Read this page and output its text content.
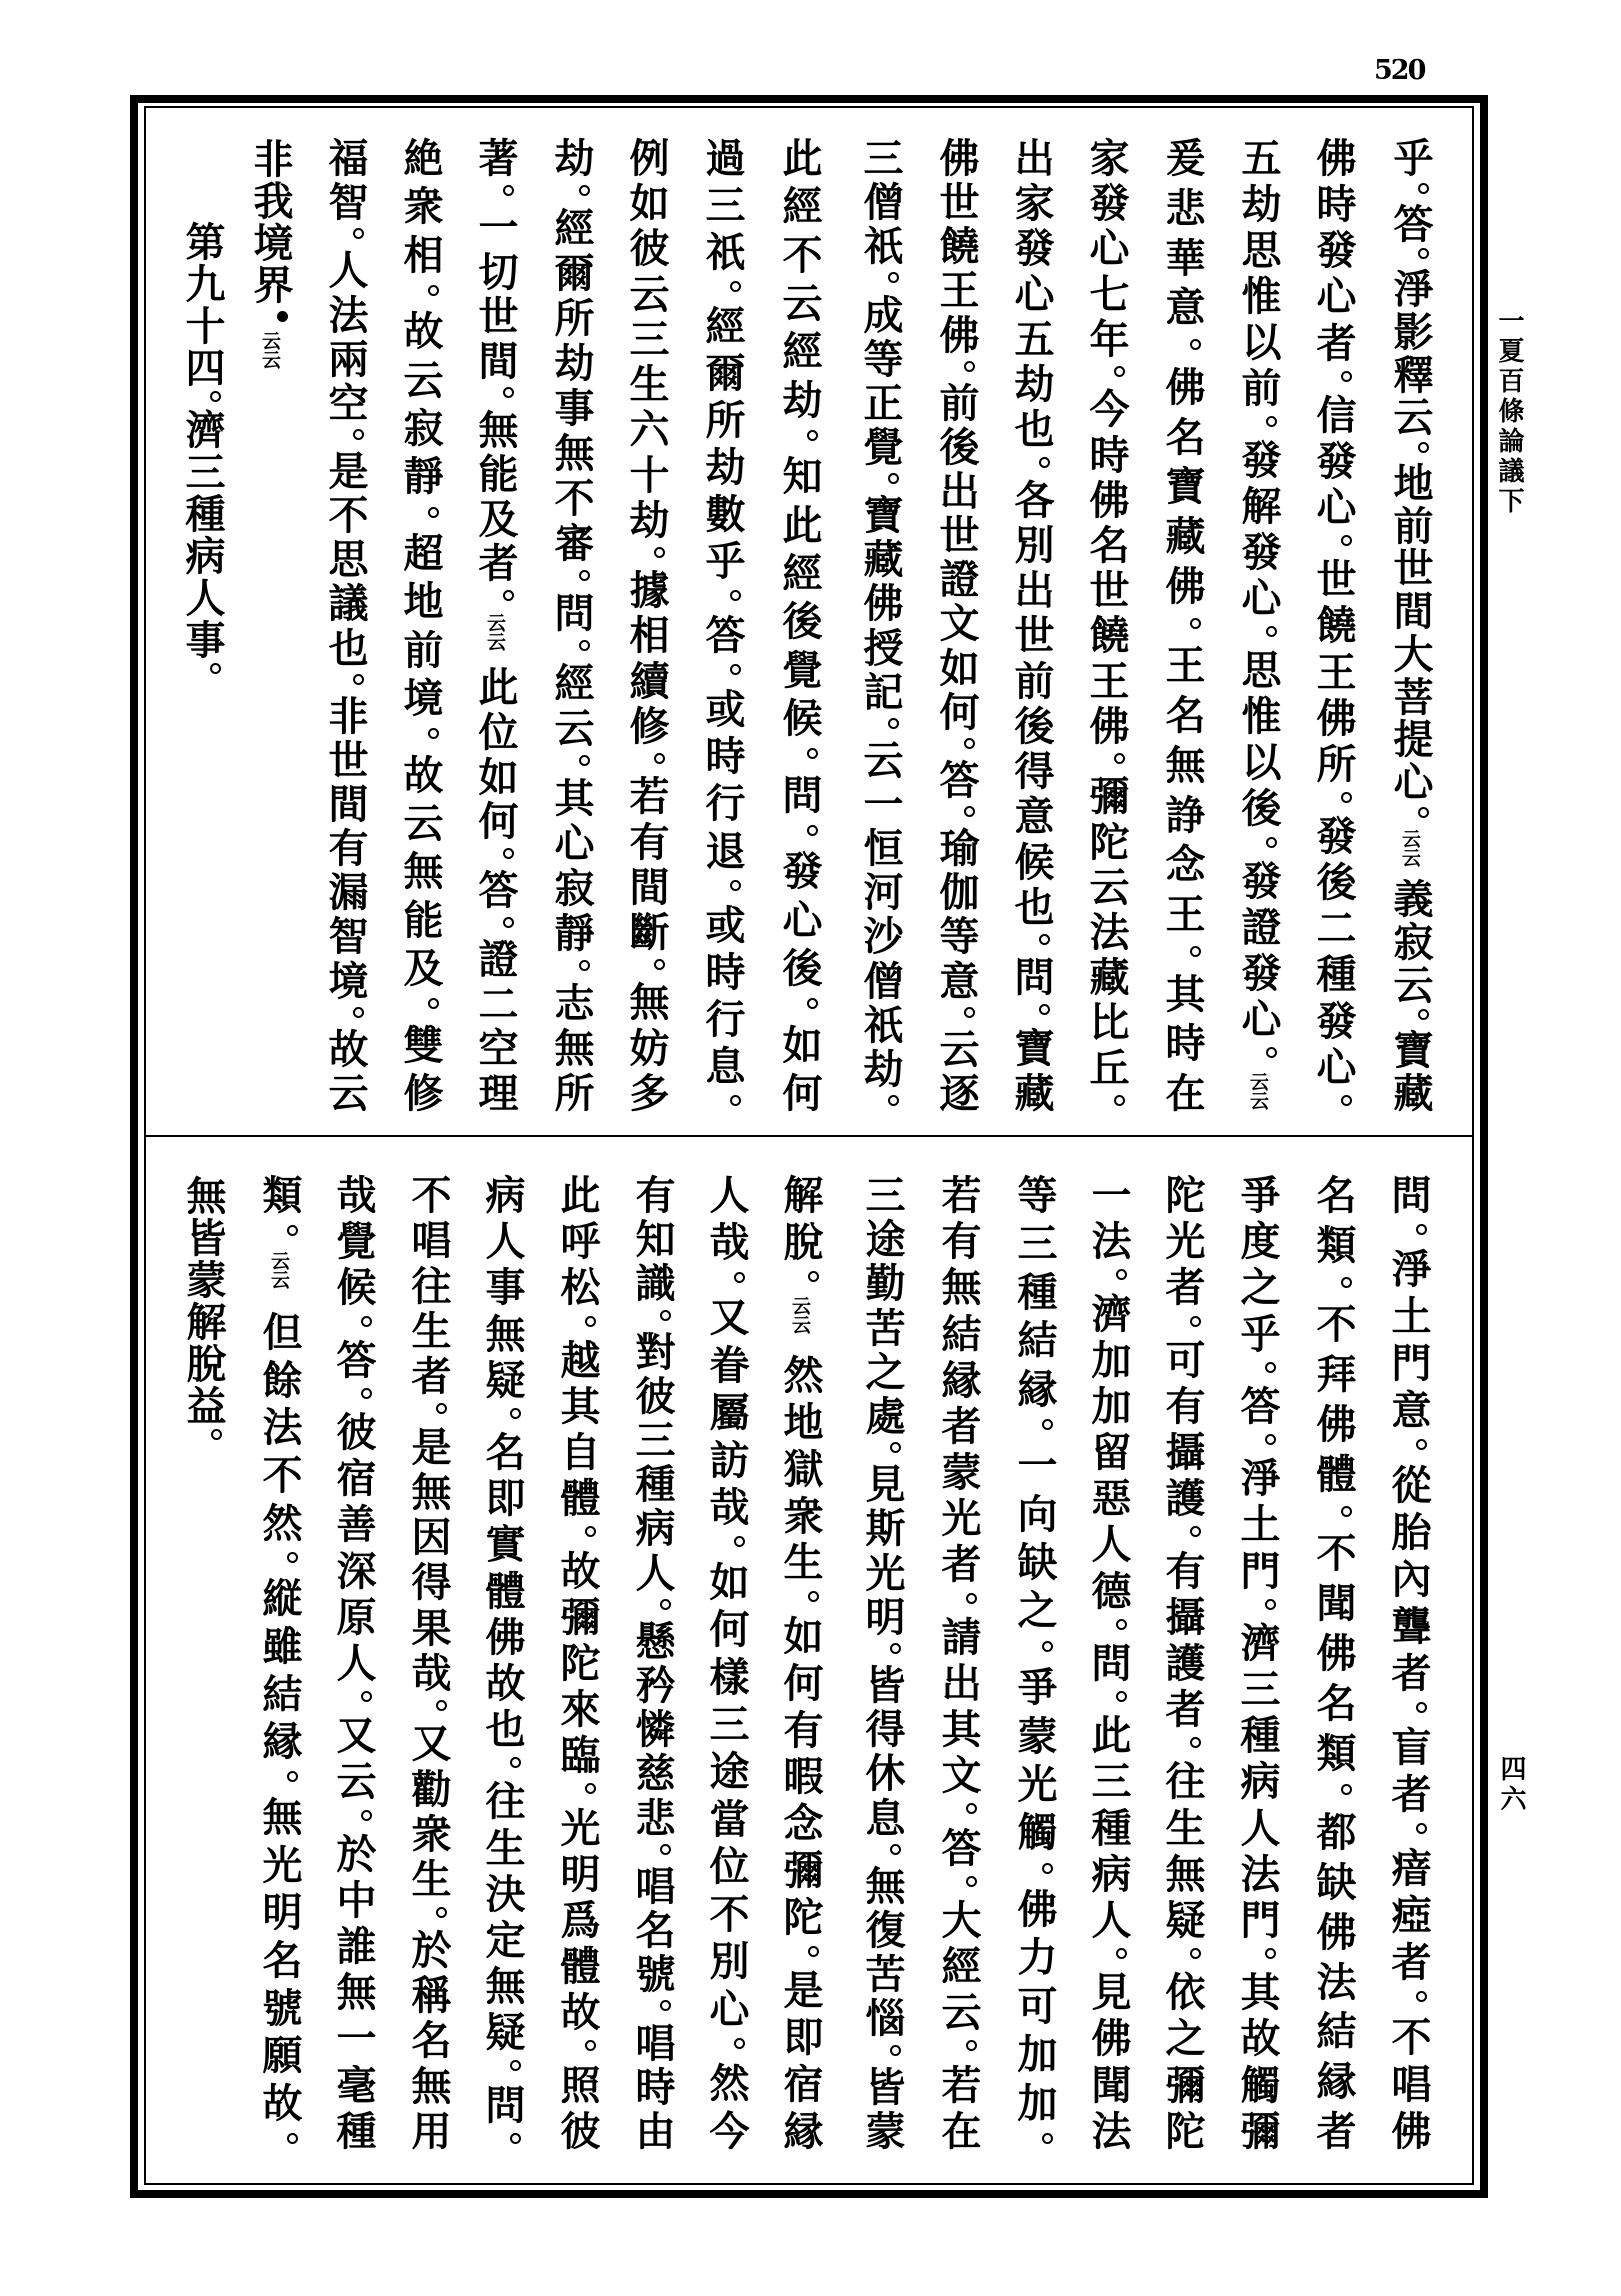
520
一夏百條論議下
四六
乎
答
淨
影
釋
云
地
前
世
間
大
菩
提
心
云云
義
寂
云
寶
藏
佛
時
發
心
者
信
發
心
世
饒
王
佛
所
發
後
二
種
發
心
五
劫
思
惟
以
前
發
解
發
心
思
惟
以
後
發
證
發
心
云云
爰
悲
華
意
佛
名
寶
藏
佛
王
名
無
諍
念
王
其
時
在
家
發
心
七
年
今
時
佛
名
世
饒
王
佛
彌
陀
云
法
藏
比
丘
出
家
發
心
五
劫
也
各
別
出
世
前
後
得
意
候
也
問
寶
藏
佛
世
饒
王
佛
前
後
出
世
證
文
如
何
答
瑜
伽
等
意
云
逐
三
僧
祇
成
等
正
覺
寶
藏
佛
授
記
云
一
恒
河
沙
僧
祇
劫
此
經
不
云
經
劫
知
此
經
後
覺
候
問
發
心
後
如
何
過
三
祇
經
爾
所
劫
數
乎
答
或
時
行
退
或
時
行
息
例
如
彼
云
三
生
六
十
劫
據
相
續
修
若
有
間
斷
無
妨
多
劫
經
爾
所
劫
事
無
不
審
問
經
云
其
心
寂
靜
志
無
所
著
一
切
世
間
無
能
及
者
云云
此
位
如
何
答
證
二
空
理
絶
衆
相
故
云
寂
靜
超
地
前
境
故
云
無
能
及
雙
修
福
智
人
法
兩
空
是
不
思
議
也
非
世
間
有
漏
智
境
故
云
非
我
境
界
云云
第
九
十
四
濟
三
種
病
人
事
問
淨
土
門
意
從
胎
內
聾
者
盲
者
瘖
瘂
者
不
唱
佛
名
類
不
拜
佛
體
不
聞
佛
名
類
都
缺
佛
法
結
縁
者
爭
度
之
乎
答
淨
土
門
濟
三
種
病
人
法
門
其
故
觸
彌
陀
光
者
可
有
攝
護
有
攝
護
者
往
生
無
疑
依
之
彌
陀
一
法
濟
加
加
留
惡
人
德
問
此
三
種
病
人
見
佛
聞
法
等
三
種
結
縁
一
向
缺
之
爭
蒙
光
觸
佛
力
可
加
加
若
有
無
結
縁
者
蒙
光
者
請
出
其
文
答
大
經
云
若
在
三
途
勤
苦
之
處
見
斯
光
明
皆
得
休
息
無
復
苦
惱
皆
蒙
解
脫
云云
然
地
獄
衆
生
如
何
有
暇
念
彌
陀
是
即
宿
縁
人
哉
又
眷
屬
訪
哉
如
何
樣
三
途
當
位
不
別
心
然
今
有
知
識
對
彼
三
種
病
人
懸
矜
憐
慈
悲
唱
名
號
唱
時
由
此
呼
松
越
其
自
體
故
彌
陀
來
臨
光
明
爲
體
故
照
彼
病
人
事
無
疑
名
即
實
體
佛
故
也
往
生
決
定
無
疑
問
不
唱
往
生
者
是
無
因
得
果
哉
又
勸
衆
生
於
稱
名
無
用
哉
覺
候
答
彼
宿
善
深
原
人
又
云
於
中
誰
無
一
毫
種
類
云云
但
餘
法
不
然
縦
雖
結
縁
無
光
明
名
號
願
故
無
皆
蒙
解
脫
益
